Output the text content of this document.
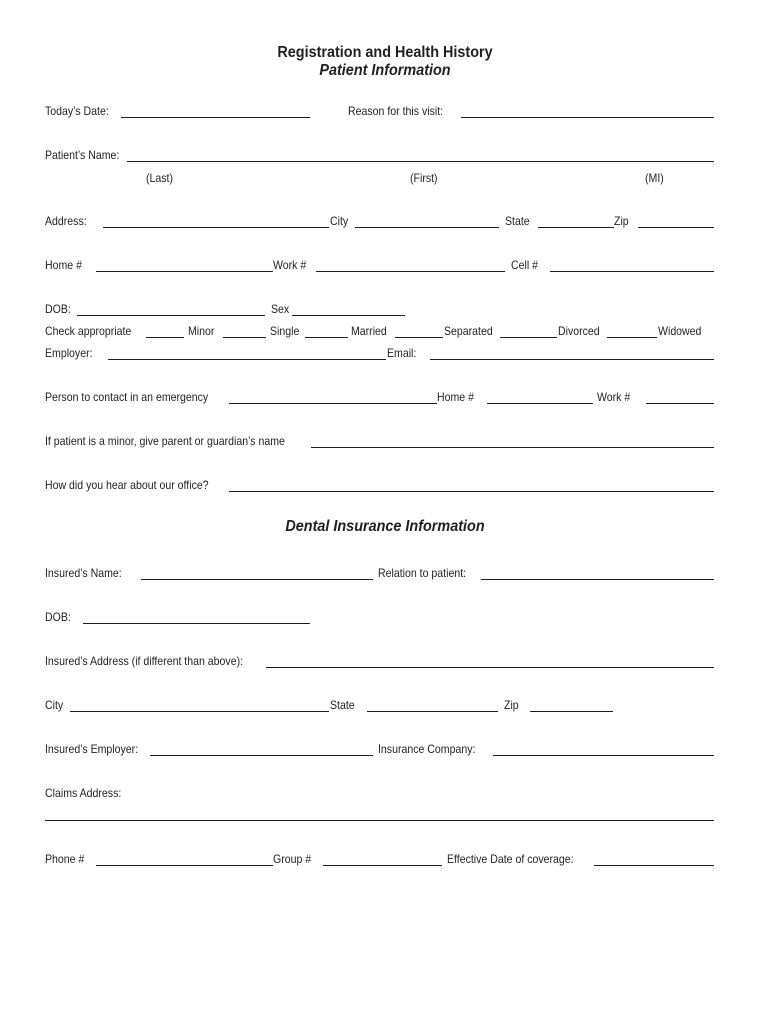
Registration and Health History
Patient Information
Today’s Date:	Reason for this visit:
Patient’s Name:
(Last)	(First)	(MI)
Address:	City	State	Zip
Home #	Work #	Cell #
DOB:	Sex
Check appropriate	Minor	Single	Married	Separated	Divorced	Widowed
Employer:	Email:
Person to contact in an emergency	Home #	Work #
If patient is a minor, give parent or guardian’s name
How did you hear about our office?
Dental Insurance Information
Insured’s Name:	Relation to patient:
DOB:
Insured’s Address (if different than above):
City	State	Zip
Insured’s Employer:	Insurance Company:
Claims Address:
Phone #	Group #	Effective Date of coverage:
